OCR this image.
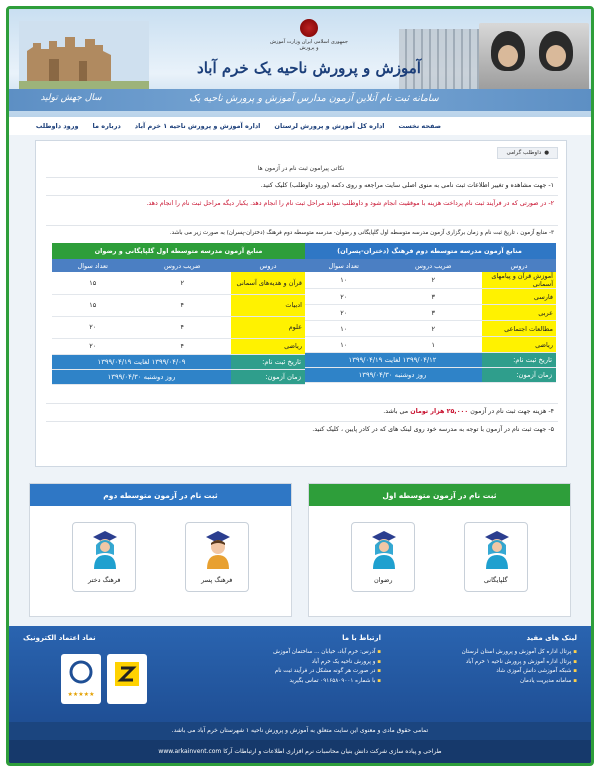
جمهوری اسلامی ایران وزارت آموزش و پرورش
آموزش و پرورش ناحیه یک خرم آباد
سامانه ثبت نام آنلاین آزمون مدارس آموزش و پرورش ناحیه یک
سال جهش تولید
صفحه نخست
اداره کل آموزش و پرورش لرستان
اداره آموزش و پرورش ناحیه ۱ خرم آباد
درباره ما
ورود داوطلب
●
داوطلب گرامی
نکاتی پیرامون ثبت نام در آزمون ها
۱- جهت مشاهده و تغییر اطلاعات ثبت نامی به منوی اصلی سایت مراجعه و روی دکمه (ورود داوطلب) کلیک کنید.
۲- در صورتی که در فرآیند ثبت نام پرداخت هزینه با موفقیت انجام شود و داوطلب نتواند مراحل ثبت نام را انجام دهد. یکبار دیگه مراحل ثبت نام را انجام دهد.
۳- منابع آزمون ، تاریخ ثبت نام و زمان برگزاری آزمون مدرسه متوسطه اول گلپایگانی و رضوان- مدرسه متوسطه دوم فرهنگ (دختران-پسران) به صورت زیر می باشد.
منابع آزمون مدرسه متوسطه دوم فرهنگ (دختران-پسران)
دروس	ضریب دروس	تعداد سوال
آموزش قرآن و پیامهای آسمانی	۲	۱۰
فارسی	۳	۲۰
عربی	۳	۲۰
مطالعات اجتماعی	۲	۱۰
ریاضی	۱	۱۰
تاریخ ثبت نام:	۱۳۹۹/۰۴/۱۲ لغایت ۱۳۹۹/۰۴/۱۹	
زمان آزمون:	روز دوشنبه ۱۳۹۹/۰۴/۳۰	
منابع آزمون مدرسه متوسطه اول گلپایگانی و رضوان
دروس	ضریب دروس	تعداد سوال
قرآن و هدیه‌های آسمانی	۲	۱۵
ادبیات	۴	۱۵
علوم	۴	۲۰
ریاضی	۴	۲۰
تاریخ ثبت نام:	۱۳۹۹/۰۴/۰۹ لغایت ۱۳۹۹/۰۴/۱۹	
زمان آزمون:	روز دوشنبه ۱۳۹۹/۰۴/۳۰	
۴- هزینه جهت ثبت نام در آزمون ۲۵,۰۰۰ هزار تومان می باشد.
۵- جهت ثبت نام در آزمون با توجه به مدرسه خود روی لینک های که در کادر پایین ، کلیک کنید.
ثبت نام در آزمون متوسطه اول
گلپایگانی
رضوان
ثبت نام در آزمون متوسطه دوم
فرهنگ پسر
فرهنگ دختر
لینک های مفید
▪ پرتال اداره کل آموزش و پرورش استان لرستان
▪ پرتال اداره آموزش و پرورش ناحیه ۱ خرم آباد
▪ شبکه آموزشی دانش آموزی شاد
▪ سامانه مدیریت یادمان
ارتباط با ما
▪ آدرس: خرم آباد، خیابان ... ساختمان آموزش
▪ و پرورش ناحیه یک خرم آباد
▪ در صورت هر گونه مشکل در فرآیند ثبت نام
▪ با شماره ۰۹۱۶۵۸۰۹۰۰۱ تماس بگیرید
نماد اعتماد الکترونیک
★★★★★
تمامی حقوق مادی و معنوی این سایت متعلق به آموزش و پرورش ناحیه ۱ شهرستان خرم آباد می باشد.
طراحی و پیاده سازی شرکت دانش بنیان محاسبات نرم افزاری اطلاعات و ارتباطات آرکا www.arkainvent.com
